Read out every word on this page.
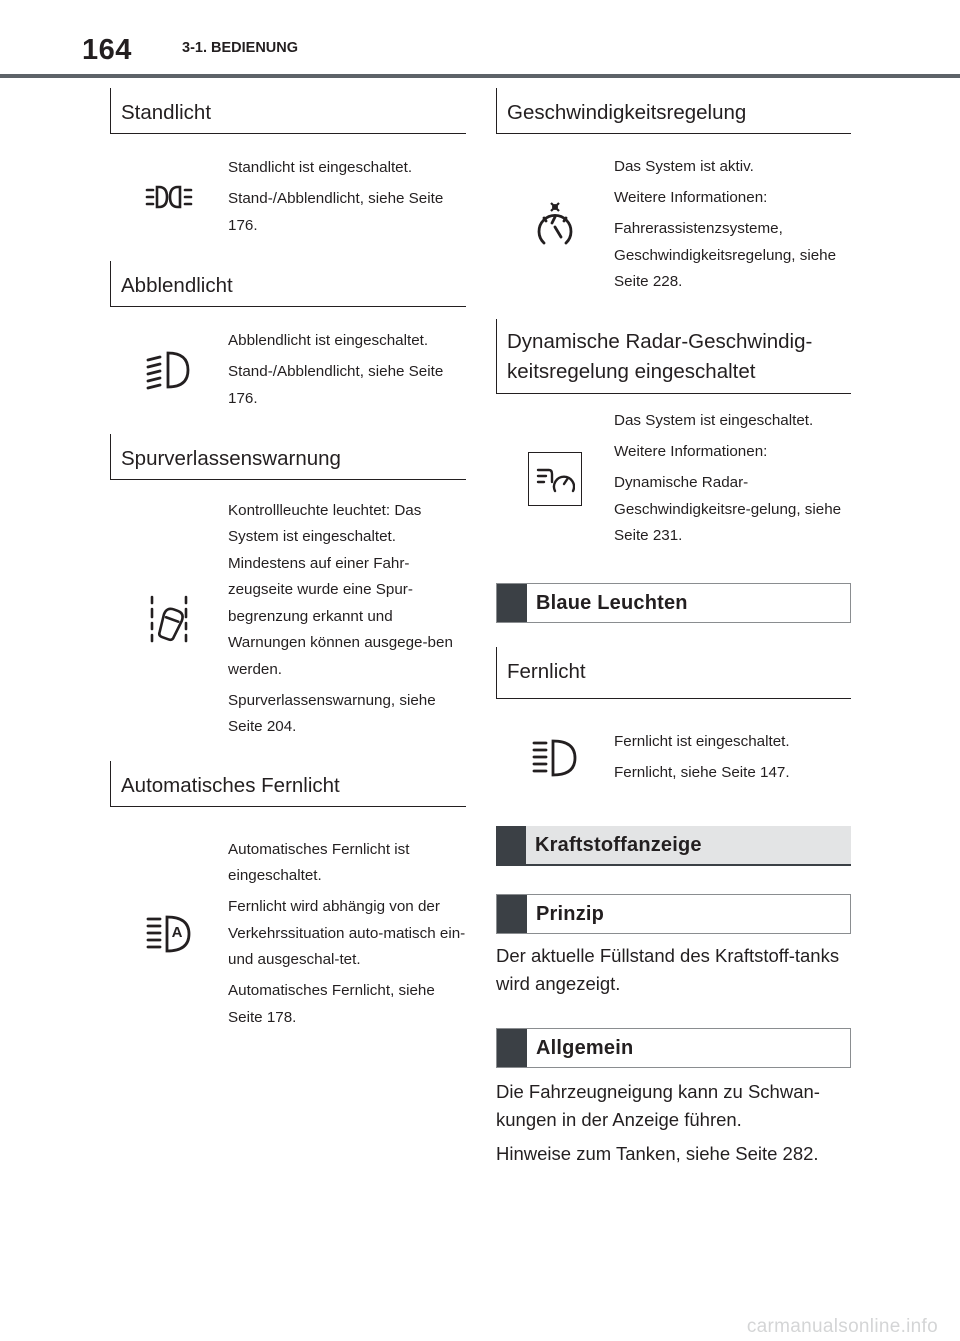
164	3-1. BEDIENUNG
Standlicht

Standlicht ist eingeschaltet.

Stand-/Abblendlicht, siehe Seite 176.

Abblendlicht

Abblendlicht ist eingeschaltet.

Stand-/Abblendlicht, siehe Seite 176.

Spurverlassenswarnung

Kontrollleuchte leuchtet: Das System ist eingeschaltet. Mindestens auf einer Fahr-zeugseite wurde eine Spur-begrenzung erkannt und Warnungen können ausgege-ben werden.

Spurverlassenswarnung, siehe Seite 204.

Automatisches Fernlicht
A

Automatisches Fernlicht ist eingeschaltet.

Fernlicht wird abhängig von der Verkehrssituation auto-matisch ein- und ausgeschal-tet.

Automatisches Fernlicht, siehe Seite 178.

Geschwindigkeitsregelung

Das System ist aktiv.

Weitere Informationen:

Fahrerassistenzsysteme, Geschwindigkeitsregelung, siehe Seite 228.

Dynamische Radar-Geschwindig-
keitsregelung eingeschaltet

Das System ist eingeschaltet.

Weitere Informationen:

Dynamische Radar-Geschwindigkeitsre-gelung, siehe Seite 231.

Blaue Leuchten
Fernlicht

Fernlicht ist eingeschaltet.

Fernlicht, siehe Seite 147.

Kraftstoffanzeige
Prinzip

Der aktuelle Füllstand des Kraftstoff-tanks wird angezeigt.

Allgemein

Die Fahrzeugneigung kann zu Schwan-kungen in der Anzeige führen.

Hinweise zum Tanken, siehe Seite 282.

carmanualsonline.info
